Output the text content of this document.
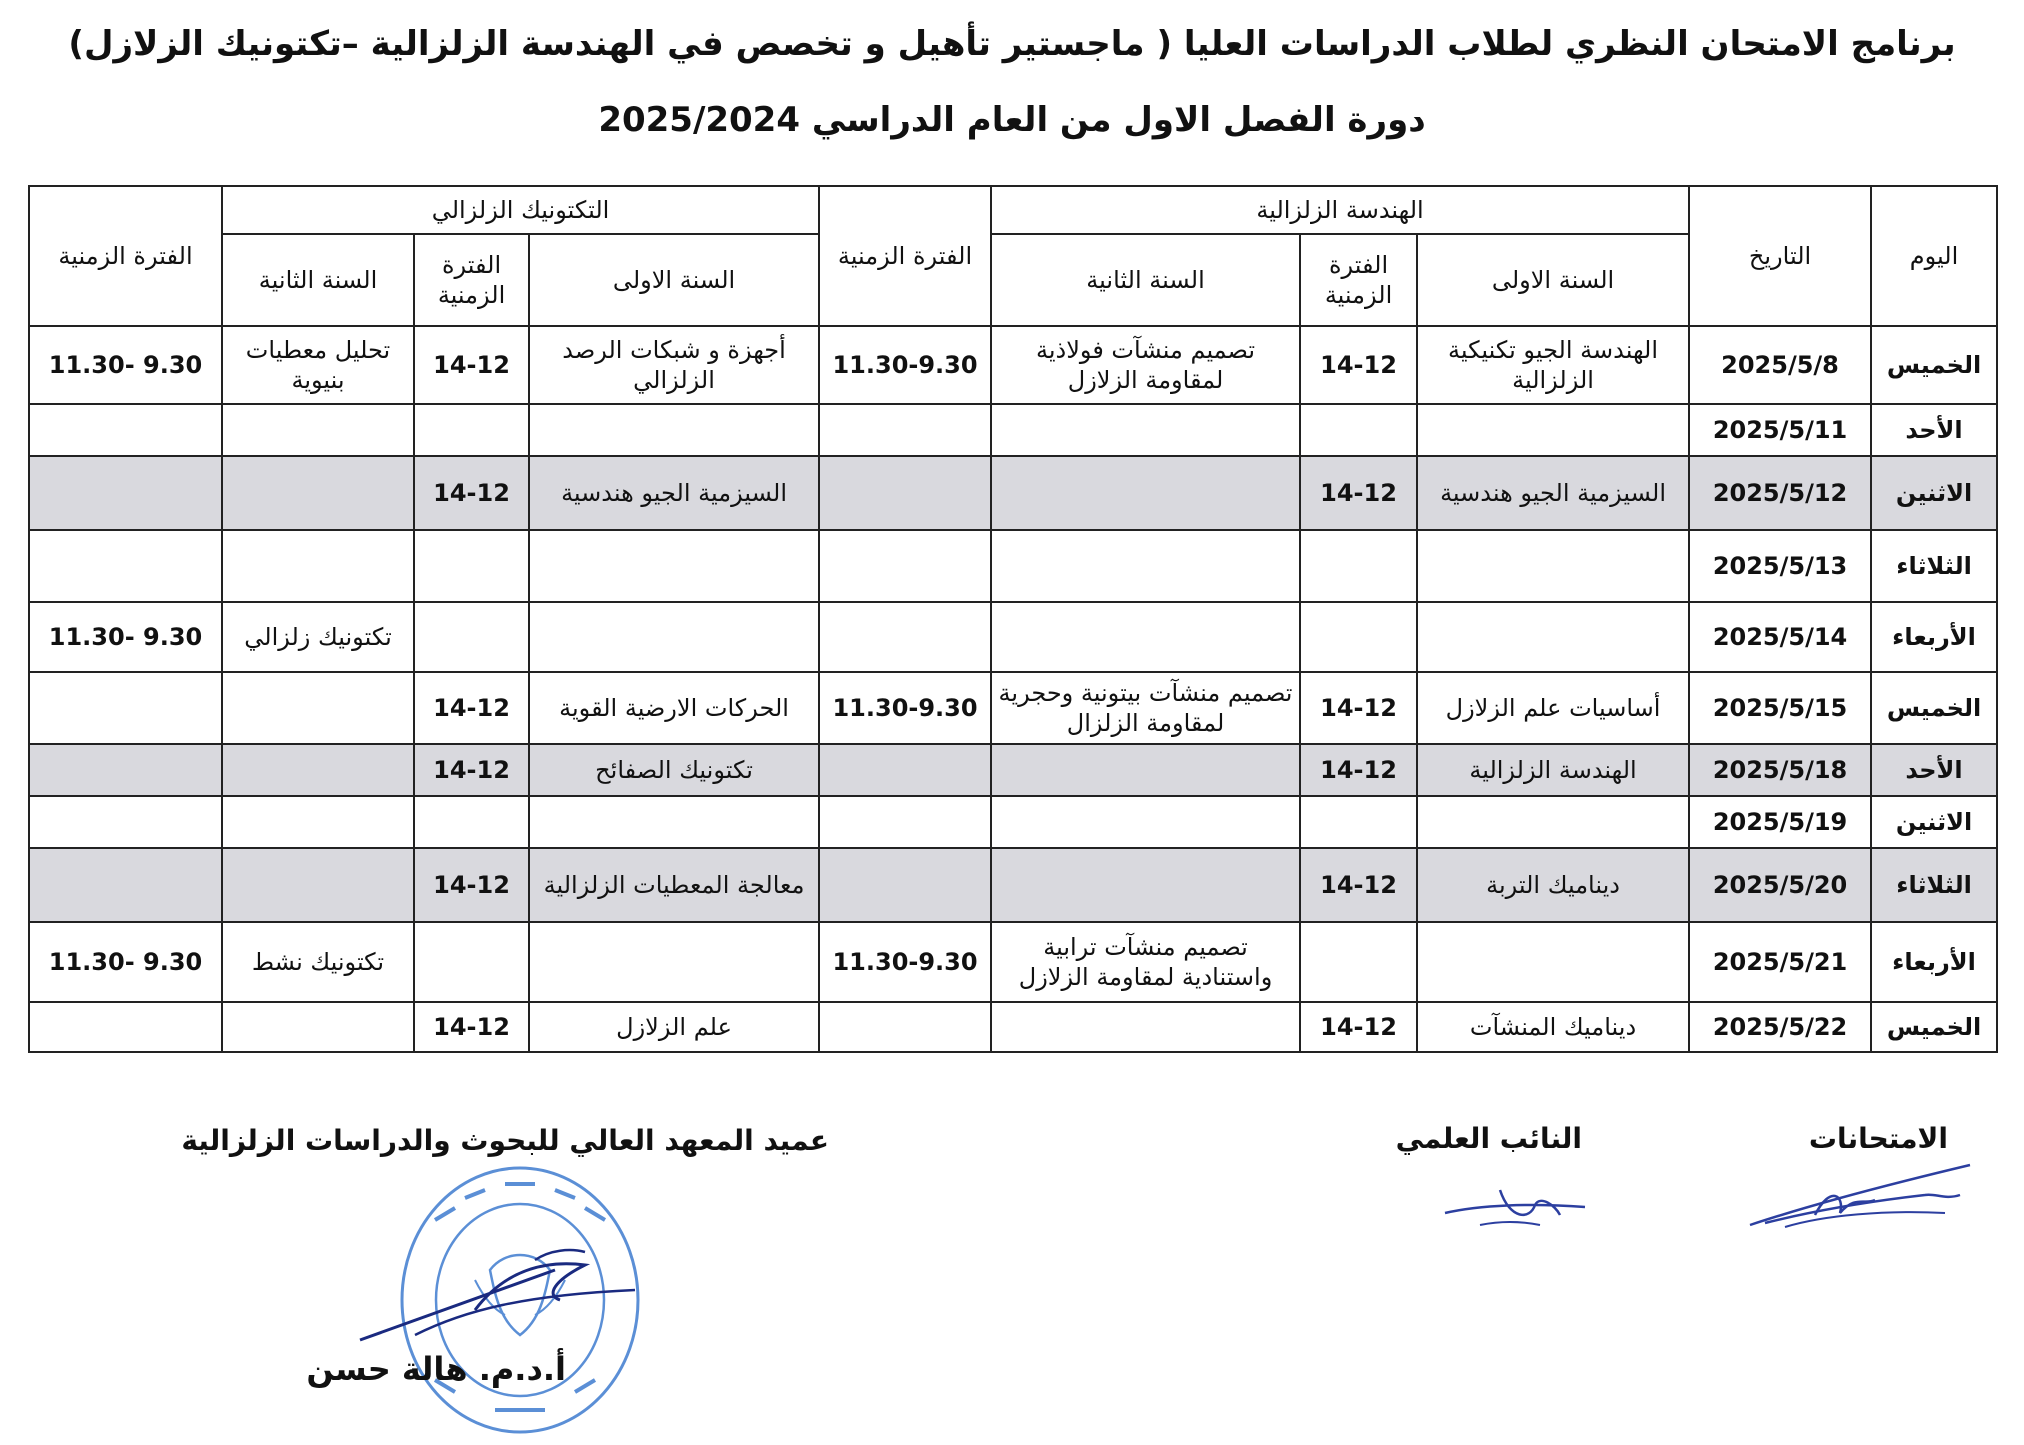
برنامج الامتحان النظري لطلاب الدراسات العليا ( ماجستير تأهيل و تخصص في الهندسة الزلزالية –تكتونيك الزلازل)
دورة الفصل الاول من العام الدراسي 2025/2024
اليوم	التاريخ	الهندسة الزلزالية			الفترة الزمنية	التكتونيك الزلزالي			الفترة الزمنية
		السنة الاولى	الفترة الزمنية	السنة الثانية		السنة الاولى	الفترة الزمنية	السنة الثانية	
الخميس	2025/5/8	الهندسة الجيو تكنيكية الزلزالية	14-12	تصميم منشآت فولاذية لمقاومة الزلازل	11.30-9.30	أجهزة و شبكات الرصد الزلزالي	14-12	تحليل معطيات بنيوية	9.30 -11.30
الأحد	2025/5/11								
الاثنين	2025/5/12	السيزمية الجيو هندسية	14-12			السيزمية الجيو هندسية	14-12		
الثلاثاء	2025/5/13								
الأربعاء	2025/5/14							تكتونيك زلزالي	9.30 -11.30
الخميس	2025/5/15	أساسيات علم الزلازل	14-12	تصميم منشآت بيتونية وحجرية لمقاومة الزلزال	11.30-9.30	الحركات الارضية القوية	14-12		
الأحد	2025/5/18	الهندسة الزلزالية	14-12			تكتونيك الصفائح	14-12		
الاثنين	2025/5/19								
الثلاثاء	2025/5/20	ديناميك التربة	14-12			معالجة المعطيات الزلزالية	14-12		
الأربعاء	2025/5/21			تصميم منشآت ترابية واستنادية لمقاومة الزلازل	11.30-9.30			تكتونيك نشط	9.30 -11.30
الخميس	2025/5/22	ديناميك المنشآت	14-12			علم الزلازل	14-12		
الامتحانات
النائب العلمي
عميد المعهد العالي للبحوث والدراسات الزلزالية
أ.د.م. هالة حسن
